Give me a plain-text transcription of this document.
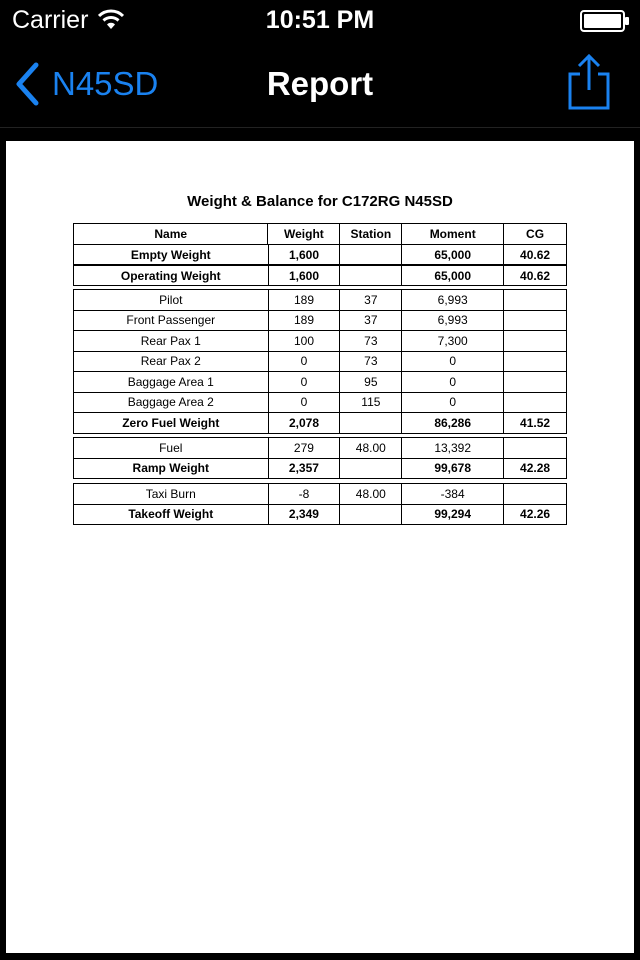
Carrier	10:51 PM
N45SD	Report
Weight & Balance for C172RG N45SD
Name	Weight	Station	Moment	CG
Empty Weight	1,600		65,000	40.62
Operating Weight	1,600		65,000	40.62
Pilot	189	37	6,993	
Front Passenger	189	37	6,993	
Rear Pax 1	100	73	7,300	
Rear Pax 2	0	73	0	
Baggage Area 1	0	95	0	
Baggage Area 2	0	115	0	
Zero Fuel Weight	2,078		86,286	41.52
Fuel	279	48.00	13,392	
Ramp Weight	2,357		99,678	42.28
Taxi Burn	-8	48.00	-384	
Takeoff Weight	2,349		99,294	42.26
